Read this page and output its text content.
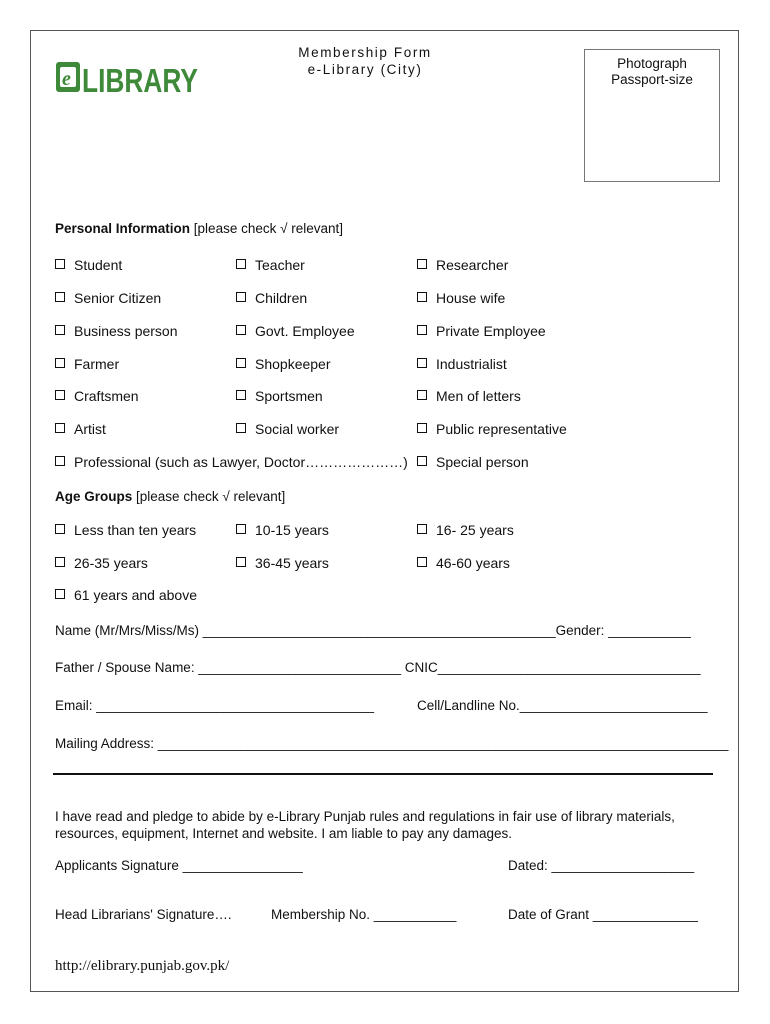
e LIBRARY
Membership Form
e-Library (City)	Photograph
Passport-size
Personal Information [please check √ relevant]
Student	Teacher	Researcher
Senior Citizen	Children	House wife
Business person	Govt. Employee	Private Employee
Farmer	Shopkeeper	Industrialist
Craftsmen	Sportsmen	Men of letters
Artist	Social worker	Public representative
Professional (such as Lawyer, Doctor…………………)	Special person
Age Groups [please check √ relevant]
Less than ten years	10-15 years	16- 25 years
26-35 years	36-45 years	46-60 years
61 years and above
Name (Mr/Mrs/Miss/Ms) _______________________________________________Gender: ___________
Father / Spouse Name: ___________________________ CNIC___________________________________
Email: _____________________________________	Cell/Landline No._________________________
Mailing Address: ____________________________________________________________________________
I have read and pledge to abide by e-Library Punjab rules and regulations in fair use of library materials, resources, equipment, Internet and website. I am liable to pay any damages.
Applicants Signature ________________	Dated: ___________________
Head Librarians' Signature….	Membership No. ___________	Date of Grant ______________
http://elibrary.punjab.gov.pk/
